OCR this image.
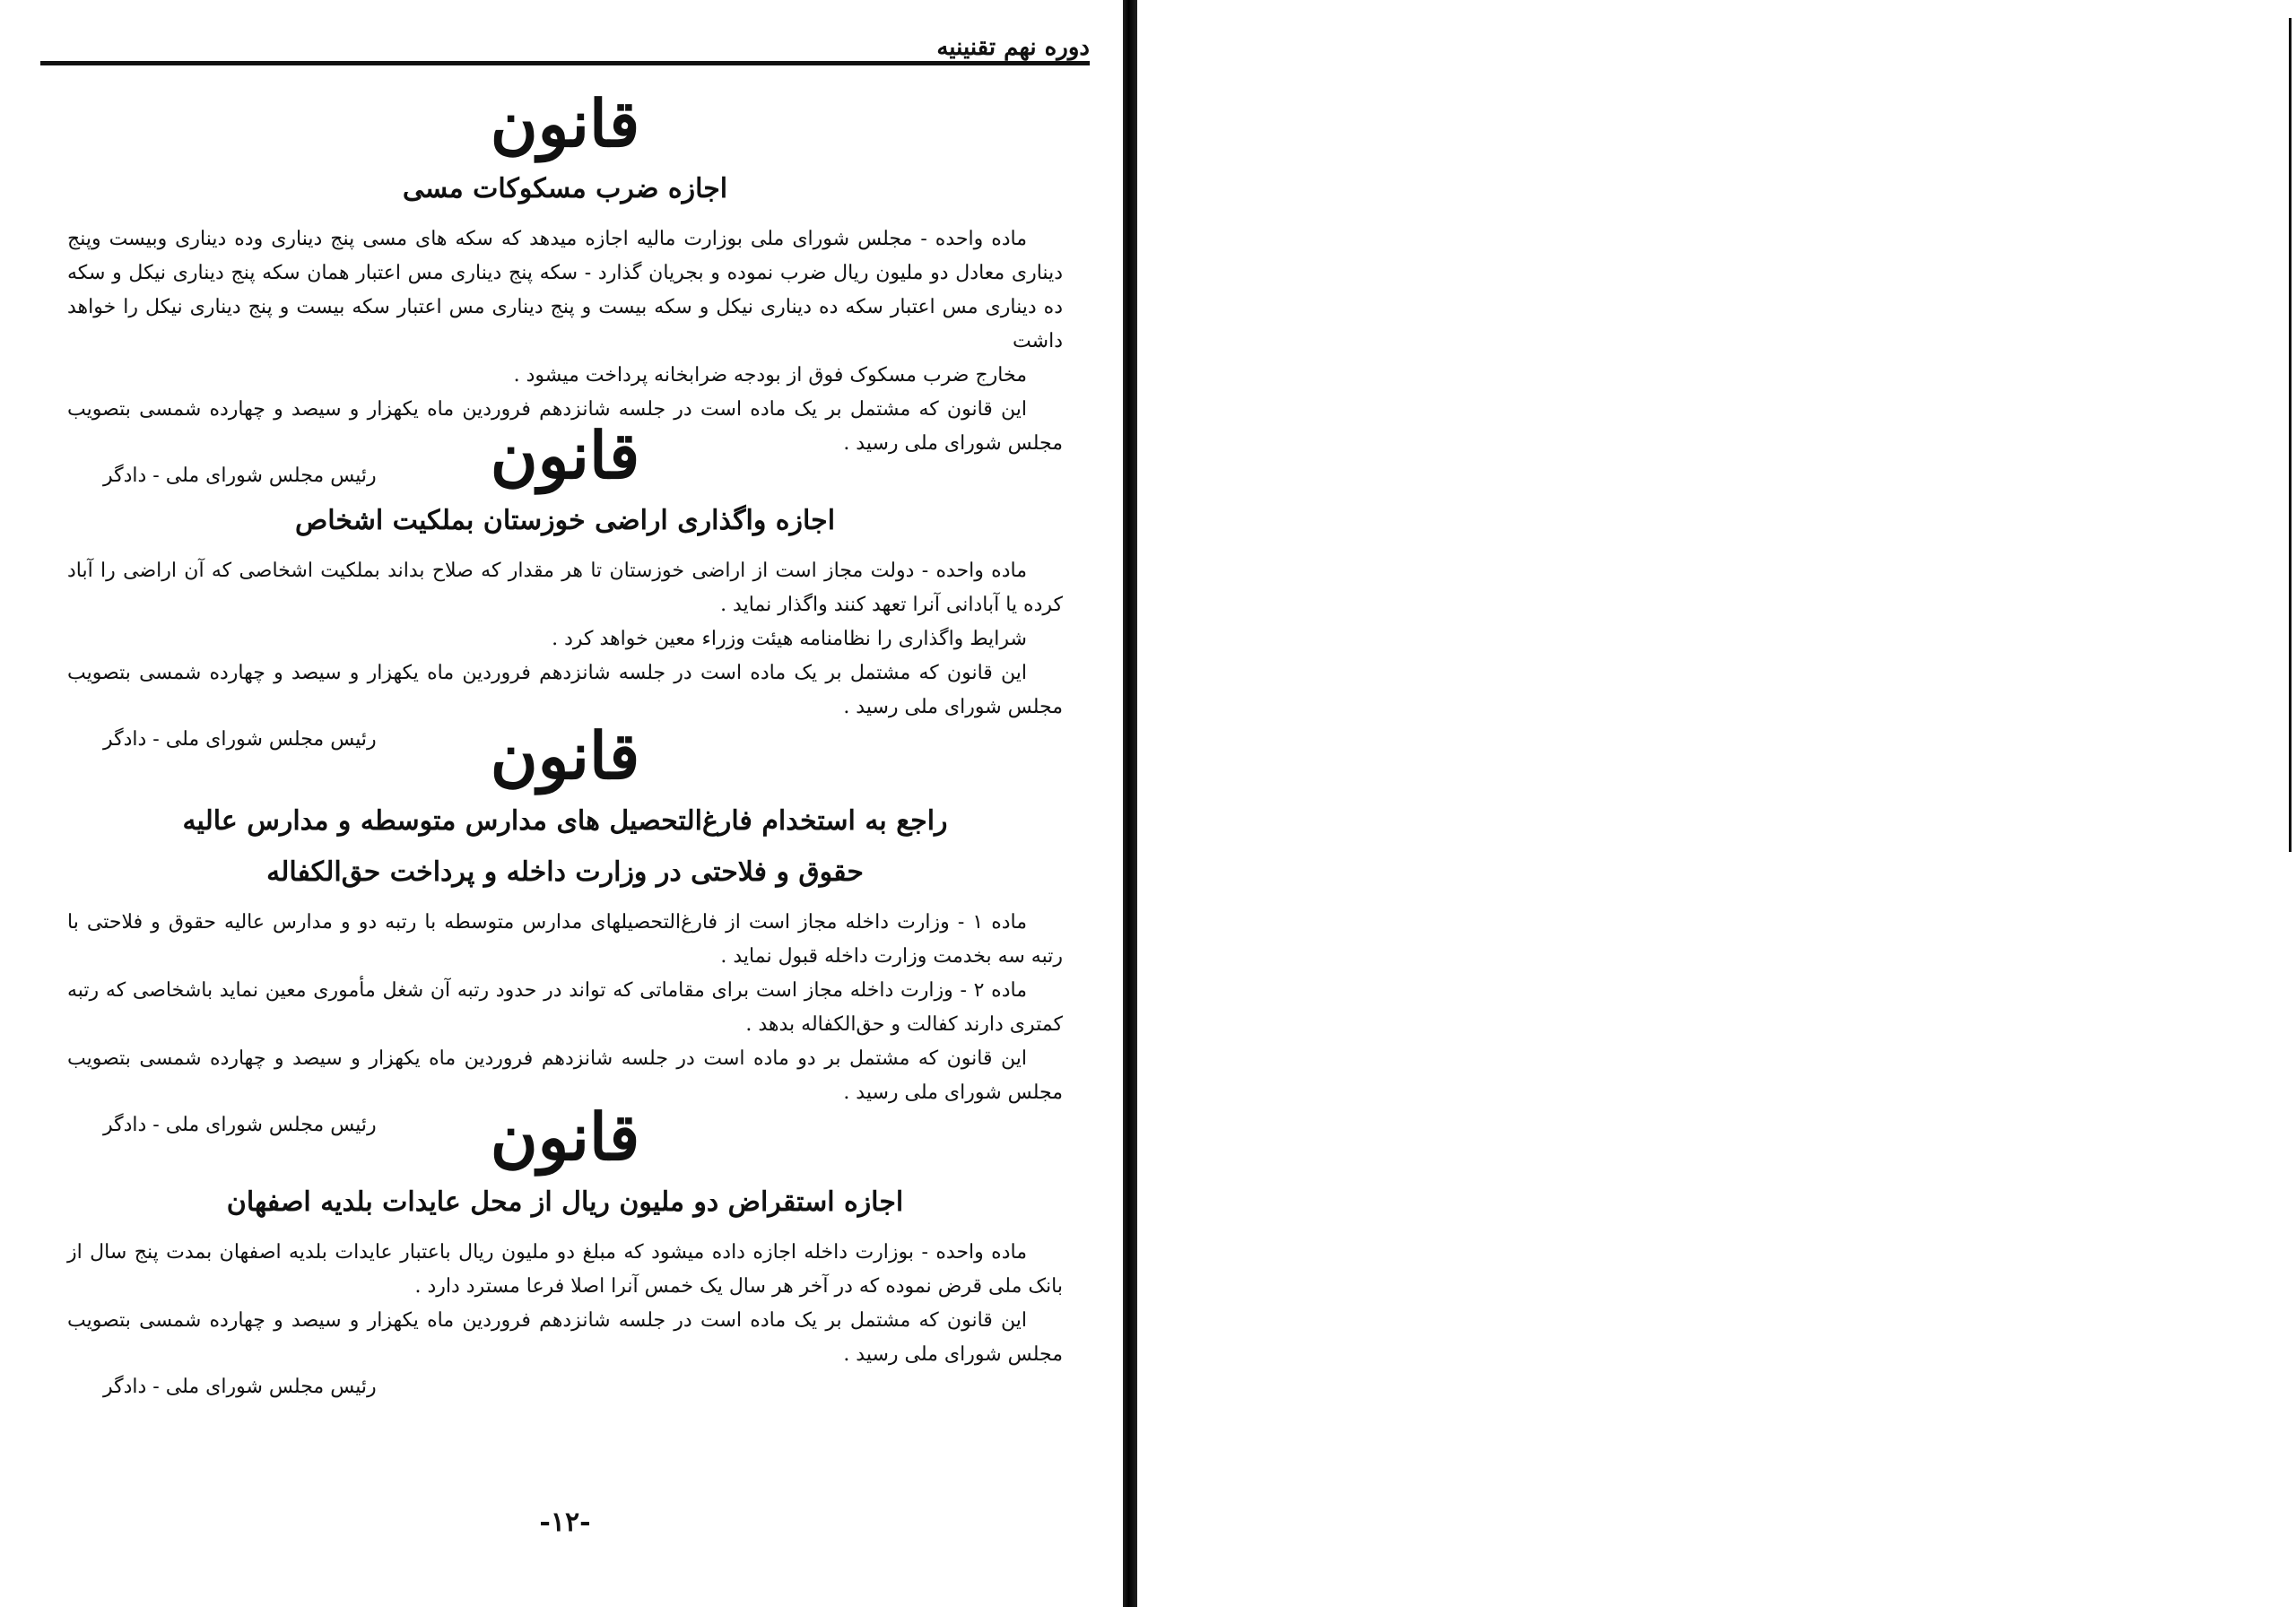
دوره نهم تقنینیه
قانون
اجازه ضرب مسکوکات مسی

ماده واحده - مجلس شورای ملی بوزارت مالیه اجازه میدهد که سکه های مسی پنج دیناری وده دیناری وبیست وپنج دیناری معادل دو ملیون ریال ضرب نموده و بجریان گذارد - سکه پنج دیناری مس اعتبار همان سکه پنج دیناری نیکل و سکه ده دیناری مس اعتبار سکه ده دیناری نیکل و سکه بیست و پنج دیناری مس اعتبار سکه بیست و پنج دیناری نیکل را خواهد داشت

مخارج ضرب مسکوک فوق از بودجه ضرابخانه پرداخت میشود .

این قانون که مشتمل بر یک ماده است در جلسه شانزدهم فروردین ماه یکهزار و سیصد و چهارده شمسی بتصویب مجلس شورای ملی رسید .

رئیس مجلس شورای ملی - دادگر	قانون
اجازه واگذاری اراضی خوزستان بملکیت اشخاص

ماده واحده - دولت مجاز است از اراضی خوزستان تا هر مقدار که صلاح بداند بملکیت اشخاصی که آن اراضی را آباد کرده یا آبادانی آنرا تعهد کنند واگذار نماید .

شرایط واگذاری را نظامنامه هیئت وزراء معین خواهد کرد .

این قانون که مشتمل بر یک ماده است در جلسه شانزدهم فروردین ماه یکهزار و سیصد و چهارده شمسی بتصویب مجلس شورای ملی رسید .

رئیس مجلس شورای ملی - دادگر	قانون
راجع به استخدام فارغ‌التحصیل های مدارس متوسطه و مدارس عالیه
حقوق و فلاحتی در وزارت داخله و پرداخت حق‌الکفاله

ماده ۱ - وزارت داخله مجاز است از فارغ‌التحصیلهای مدارس متوسطه با رتبه دو و مدارس عالیه حقوق و فلاحتی با رتبه سه بخدمت وزارت داخله قبول نماید .

ماده ۲ - وزارت داخله مجاز است برای مقاماتی که تواند در حدود رتبه آن شغل مأموری معین نماید باشخاصی که رتبه کمتری دارند کفالت و حق‌الکفاله بدهد .

این قانون که مشتمل بر دو ماده است در جلسه شانزدهم فروردین ماه یکهزار و سیصد و چهارده شمسی بتصویب مجلس شورای ملی رسید .

رئیس مجلس شورای ملی - دادگر	قانون
اجازه استقراض دو ملیون ریال از محل عایدات بلدیه اصفهان

ماده واحده - بوزارت داخله اجازه داده میشود که مبلغ دو ملیون ریال باعتبار عایدات بلدیه اصفهان بمدت پنج سال از بانک ملی قرض نموده که در آخر هر سال یک خمس آنرا اصلا فرعا مسترد دارد .

این قانون که مشتمل بر یک ماده است در جلسه شانزدهم فروردین ماه یکهزار و سیصد و چهارده شمسی بتصویب مجلس شورای ملی رسید .

رئیس مجلس شورای ملی - دادگر
-۱۲-
